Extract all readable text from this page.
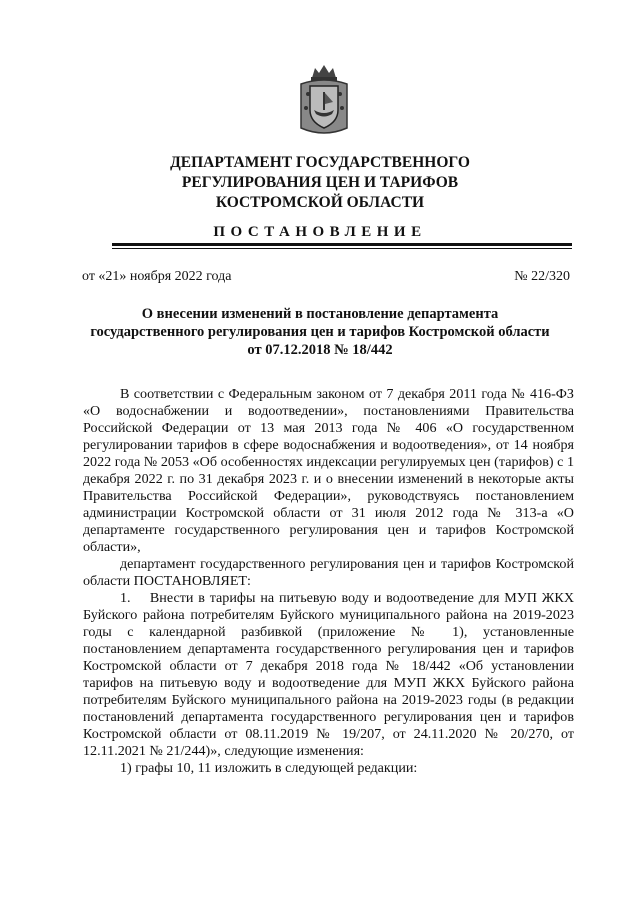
ДЕПАРТАМЕНТ ГОСУДАРСТВЕННОГО
РЕГУЛИРОВАНИЯ ЦЕН И ТАРИФОВ
КОСТРОМСКОЙ ОБЛАСТИ
ПОСТАНОВЛЕНИЕ
от «21» ноября 2022 года	№ 22/320
О внесении изменений в постановление департамента
государственного регулирования цен и тарифов Костромской области
от 07.12.2018 № 18/442

В соответствии с Федеральным законом от 7 декабря 2011 года № 416-ФЗ «О водоснабжении и водоотведении», постановлениями Правительства Российской Федерации от 13 мая 2013 года № 406 «О государственном регулировании тарифов в сфере водоснабжения и водоотведения», от 14 ноября 2022 года № 2053 «Об особенностях индексации регулируемых цен (тарифов) с 1 декабря 2022 г. по 31 декабря 2023 г. и о внесении изменений в некоторые акты Правительства Российской Федерации», руководствуясь постановлением администрации Костромской области от 31 июля 2012 года № 313-а «О департаменте государственного регулирования цен и тарифов Костромской области»,

департамент государственного регулирования цен и тарифов Костромской области ПОСТАНОВЛЯЕТ:

1.    Внести в тарифы на питьевую воду и водоотведение для МУП ЖКХ Буйского района потребителям Буйского муниципального района на 2019-2023 годы с календарной разбивкой (приложение № 1), установленные постановлением департамента государственного регулирования цен и тарифов Костромской области от 7 декабря 2018 года № 18/442 «Об установлении тарифов на питьевую воду и водоотведение для МУП ЖКХ Буйского района потребителям Буйского муниципального района на 2019-2023 годы (в редакции постановлений департамента государственного регулирования цен и тарифов Костромской области от 08.11.2019 № 19/207, от 24.11.2020 № 20/270, от 12.11.2021 № 21/244)», следующие изменения:

1) графы 10, 11 изложить в следующей редакции:
